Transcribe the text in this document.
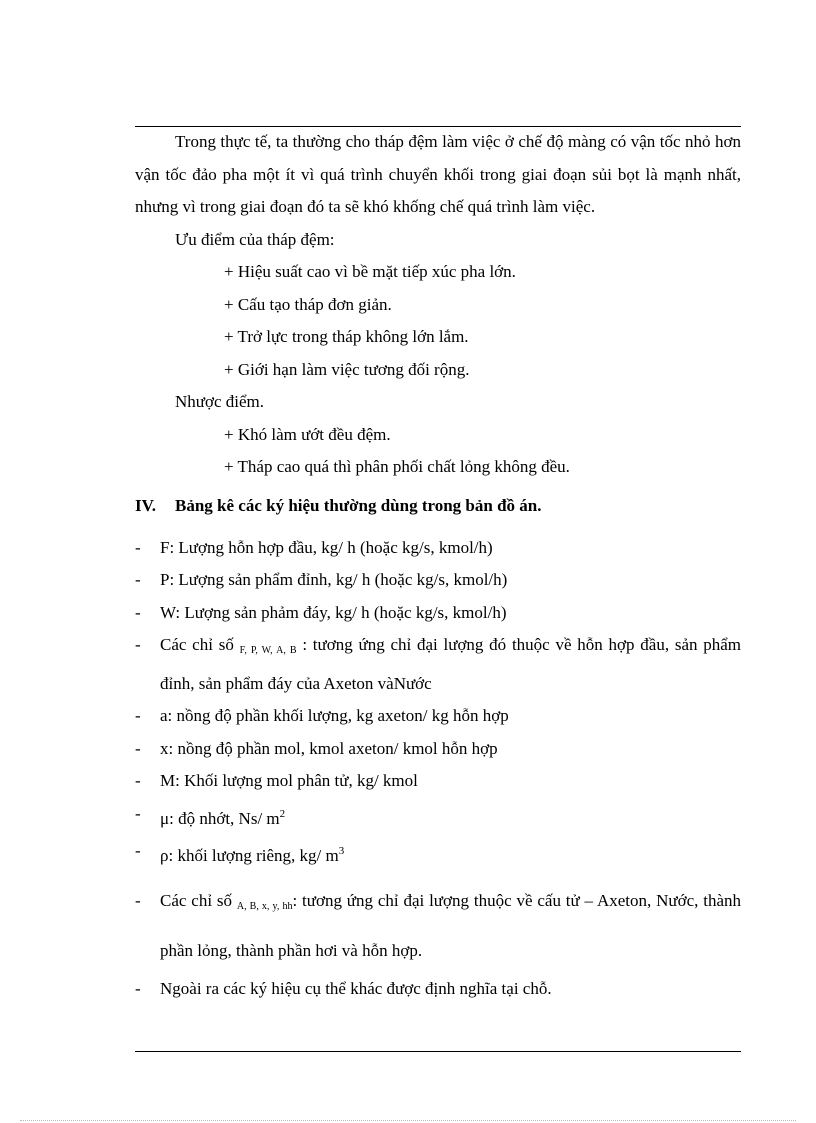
Trong thực tế, ta thường cho tháp đệm làm việc ở chế độ màng có vận tốc nhỏ hơn vận tốc đảo pha một ít vì quá trình chuyển khối trong giai đoạn sủi bọt là mạnh nhất, nhưng vì trong giai đoạn đó ta sẽ khó khống chế quá trình làm việc.

Ưu điểm của tháp đệm:

+ Hiệu suất cao vì bề mặt tiếp xúc pha lớn.

+ Cấu tạo tháp đơn giản.

+ Trở lực trong tháp không lớn lắm.

+ Giới hạn làm việc tương đối rộng.

Nhược điểm.

+ Khó làm ướt đều đệm.

+ Tháp cao quá thì phân phối chất lỏng không đều.

IV. Bảng kê các ký hiệu thường dùng trong bản đồ án.
- F: Lượng hỗn hợp đầu, kg/ h (hoặc kg/s, kmol/h)
- P: Lượng sản phẩm đỉnh, kg/ h (hoặc kg/s, kmol/h)
- W: Lượng sản phảm đáy, kg/ h (hoặc kg/s, kmol/h)
- Các chỉ số $_{F, P, W, A, B}$ : tương ứng chỉ đại lượng đó thuộc về hỗn hợp đầu, sản phẩm đỉnh, sản phẩm đáy của Axeton vàNước
- a: nồng độ phần khối lượng, kg axeton/ kg hỗn hợp
- x: nồng độ phần mol, kmol axeton/ kmol hỗn hợp
- M: Khối lượng mol phân tử, kg/ kmol
- μ: độ nhớt, Ns/ $m^2$
- ρ: khối lượng riêng, kg/ $m^3$
- Các chỉ số $_{A, B, x, y, hh}$: tương ứng chỉ đại lượng thuộc về cấu tử – Axeton, Nước, thành phần lỏng, thành phần hơi và hỗn hợp.
- Ngoài ra các ký hiệu cụ thể khác được định nghĩa tại chỗ.
